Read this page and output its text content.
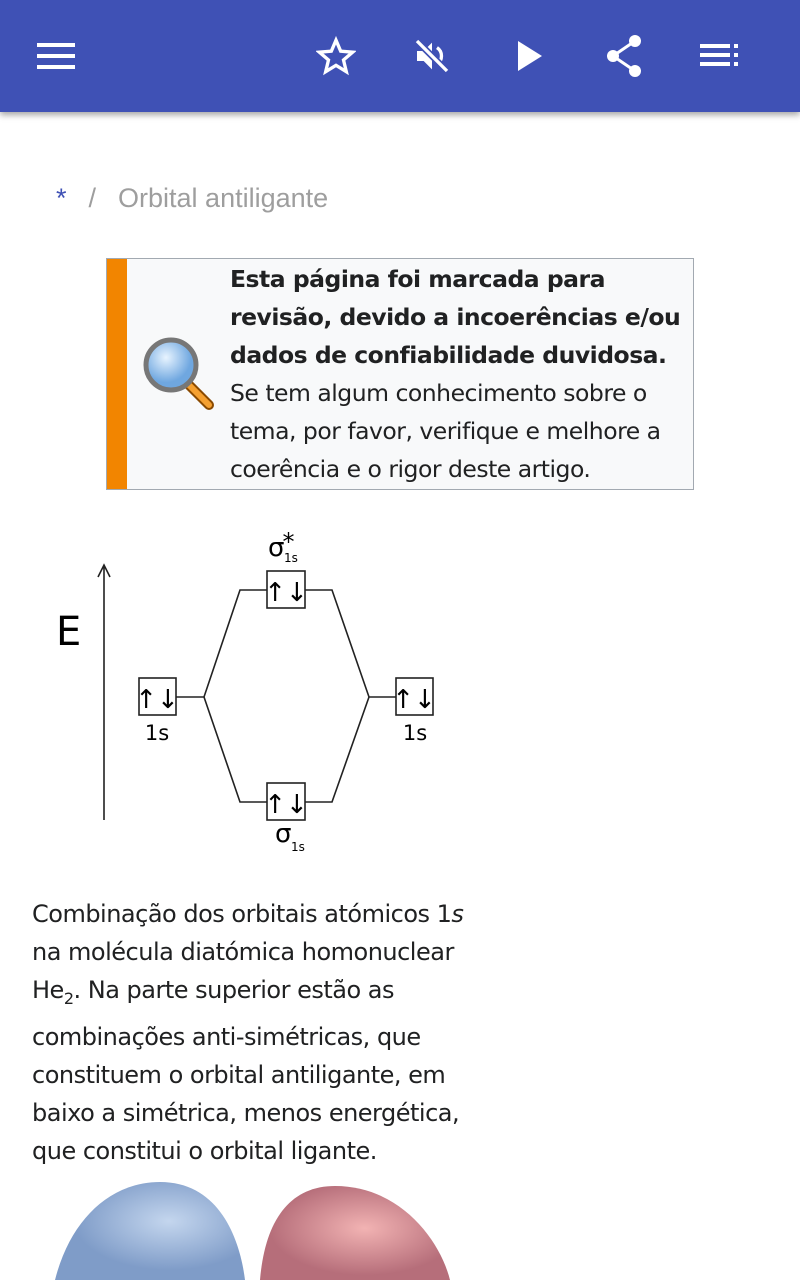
* / Orbital antiligante
Esta página foi marcada para revisão, devido a incoerências e/ou dados de confiabilidade duvidosa. Se tem algum conhecimento sobre o tema, por favor, verifique e melhore a coerência e o rigor deste artigo.
E
↑↓	↑↓
↑↓
↑↓
1s	1s
σ*
1s
σ 1s
Combinação dos orbitais atómicos 1s na molécula diatómica homonuclear $He_2$. Na parte superior estão as combinações anti-simétricas, que constituem o orbital antiligante, em baixo a simétrica, menos energética, que constitui o orbital ligante.
